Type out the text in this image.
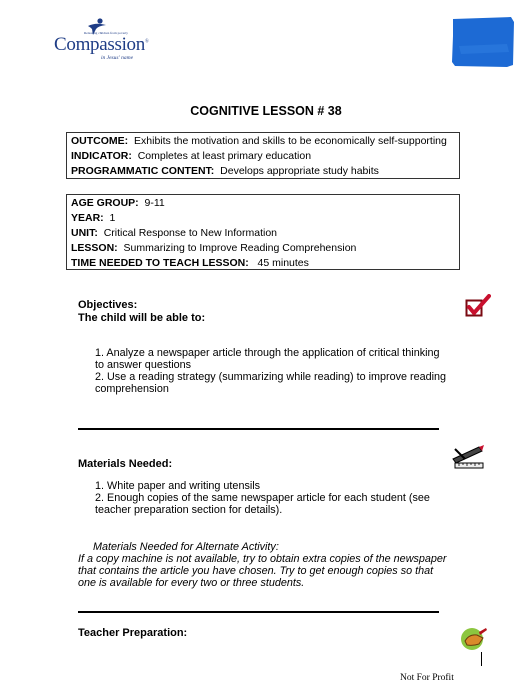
Releasing children from poverty
Compassion®
in Jesus' name
COGNITIVE LESSON # 38
OUTCOME: Exhibits the motivation and skills to be economically self-supporting
INDICATOR: Completes at least primary education
PROGRAMMATIC CONTENT: Develops appropriate study habits
AGE GROUP: 9-11
YEAR: 1
UNIT: Critical Response to New Information
LESSON: Summarizing to Improve Reading Comprehension
TIME NEEDED TO TEACH LESSON: 45 minutes
Objectives:
The child will be able to:
1. Analyze a newspaper article through the application of critical thinking
to answer questions
2. Use a reading strategy (summarizing while reading) to improve reading
comprehension
Materials Needed:
1. White paper and writing utensils
2. Enough copies of the same newspaper article for each student (see
teacher preparation section for details).
Materials Needed for Alternate Activity:
If a copy machine is not available, try to obtain extra copies of the newspaper
that contains the article you have chosen. Try to get enough copies so that
one is available for every two or three students.
Teacher Preparation:
Not For Profit
